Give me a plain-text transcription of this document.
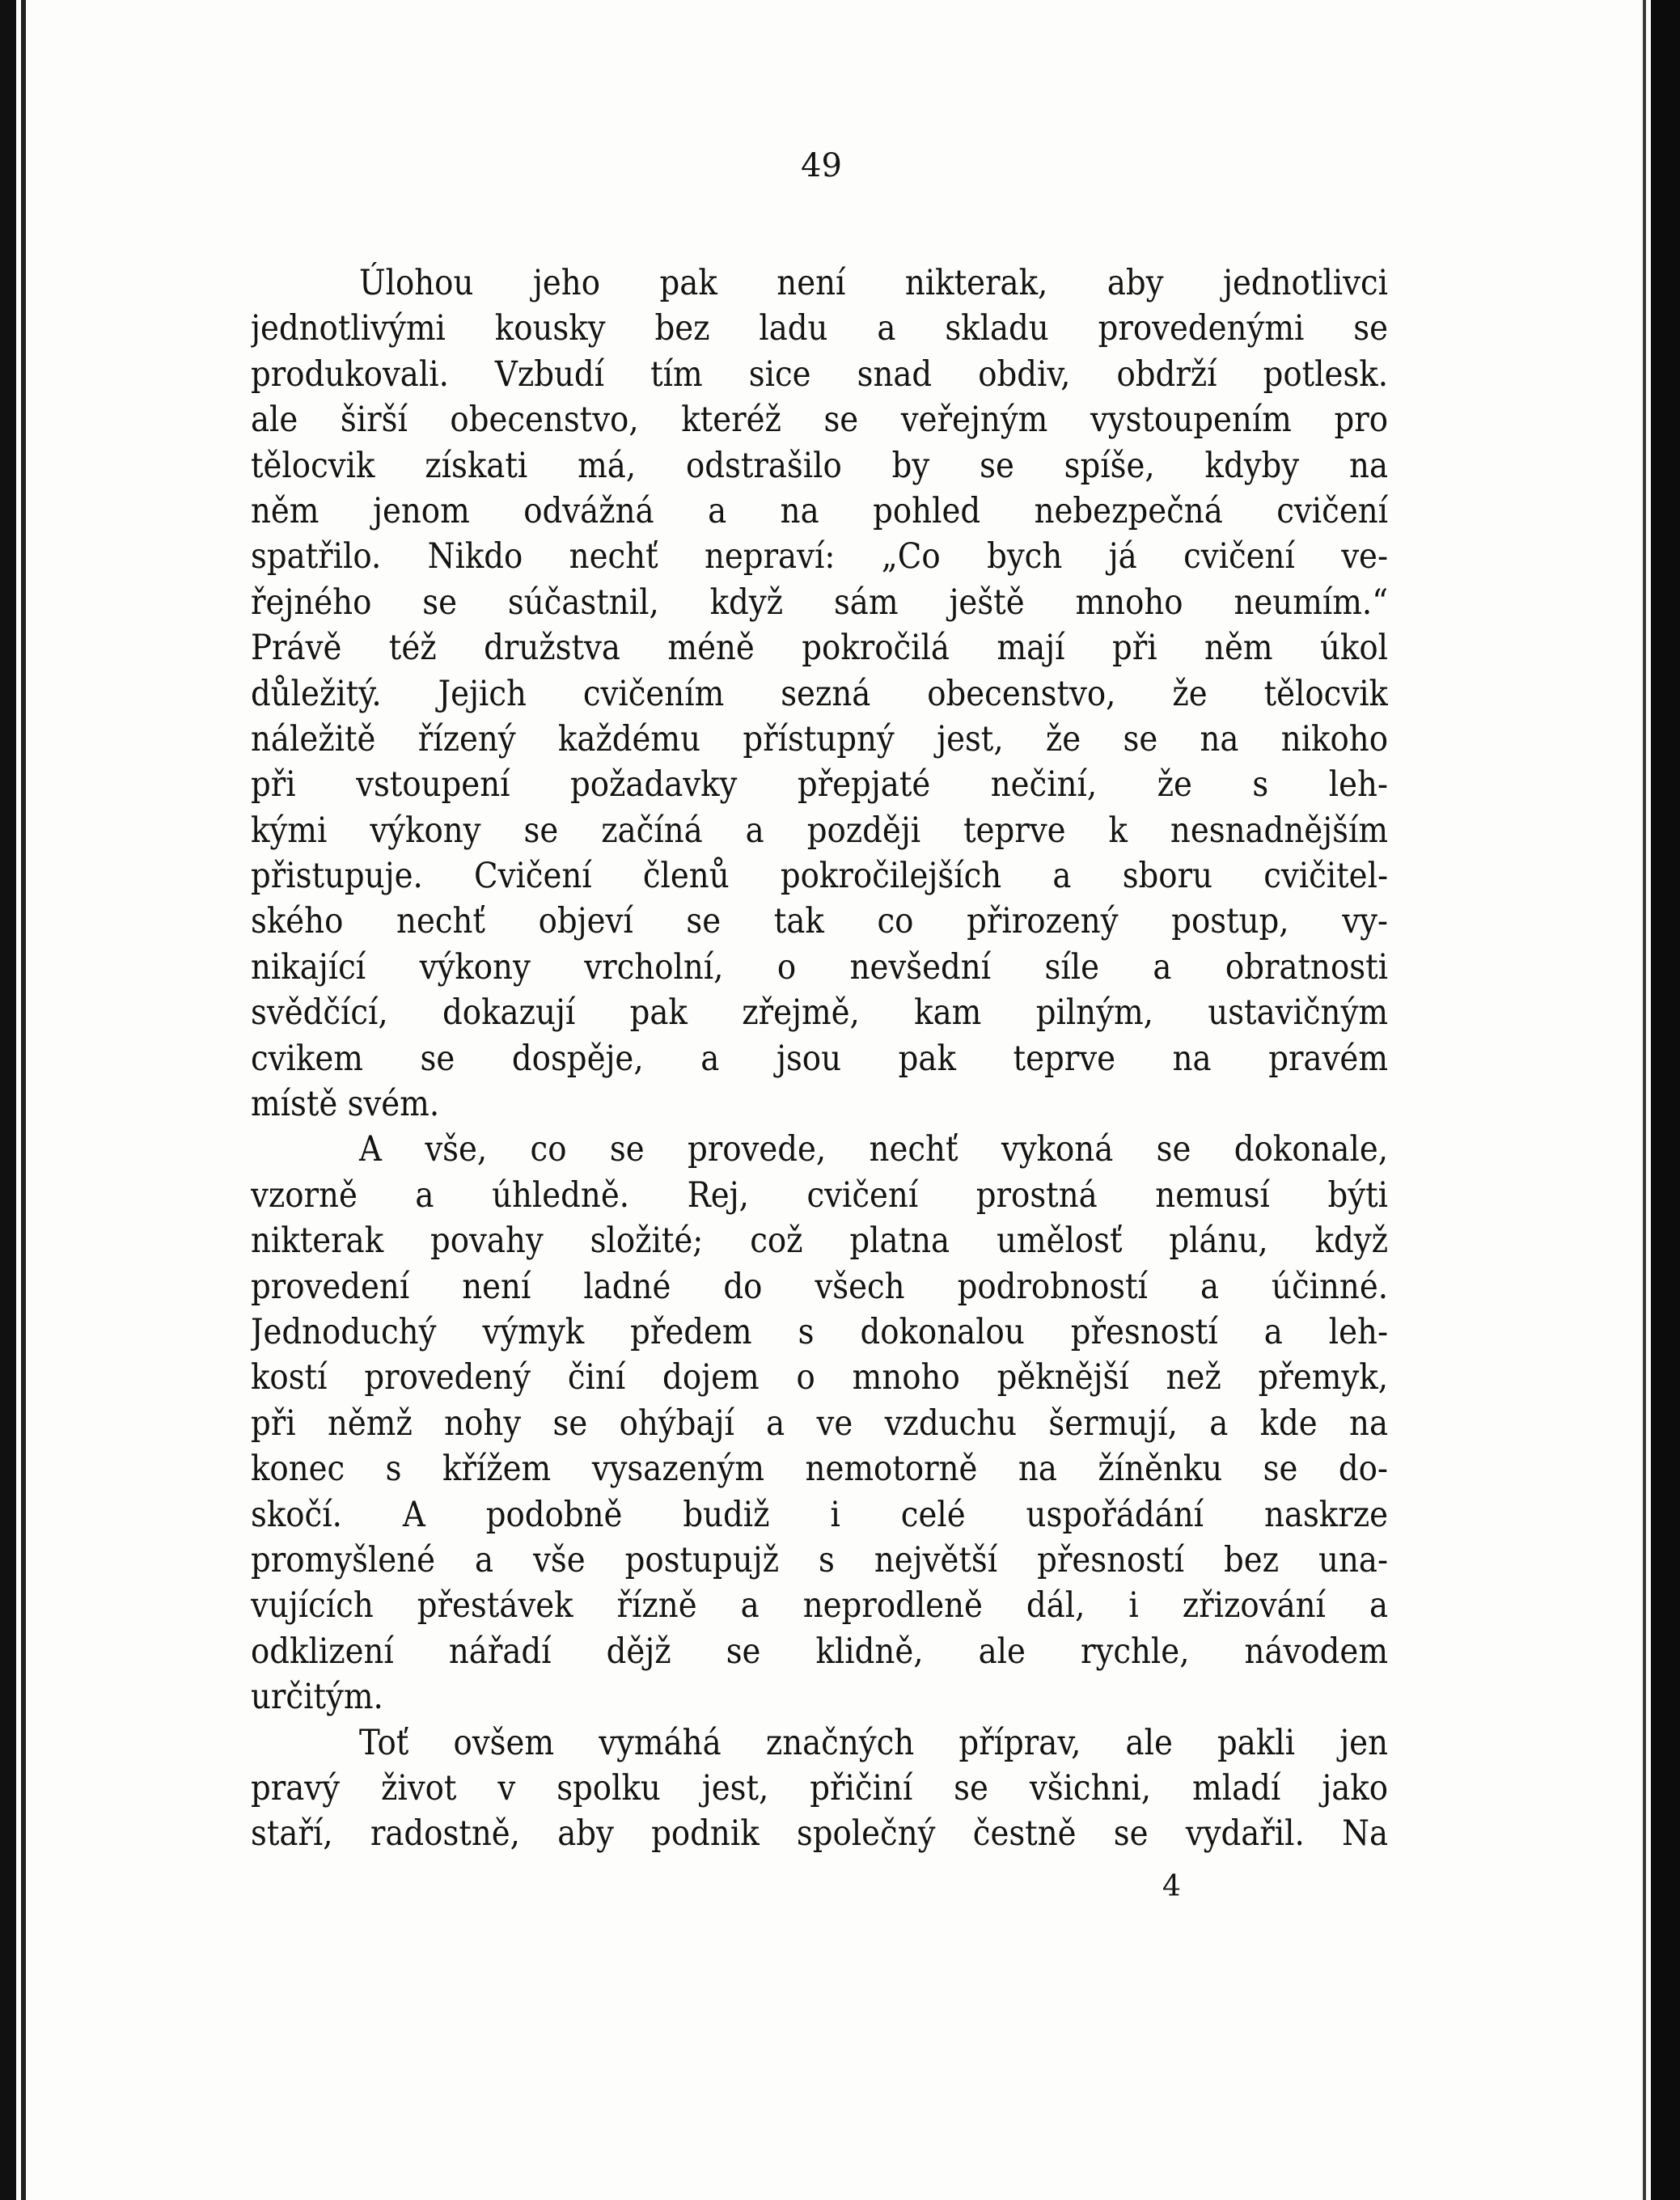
49
Úlohou jeho pak není nikterak, aby jednotlivci
jednotlivými kousky bez ladu a skladu provedenými se
produkovali. Vzbudí tím sice snad obdiv, obdrží potlesk.
ale širší obecenstvo, kteréž se veřejným vystoupením pro
tělocvik získati má, odstrašilo by se spíše, kdyby na
něm jenom odvážná a na pohled nebezpečná cvičení
spatřilo. Nikdo nechť nepraví: „Co bych já cvičení ve-
řejného se súčastnil, když sám ještě mnoho neumím.“
Právě též družstva méně pokročilá mají při něm úkol
důležitý. Jejich cvičením sezná obecenstvo, že tělocvik
náležitě řízený každému přístupný jest, že se na nikoho
při vstoupení požadavky přepjaté nečiní, že s leh-
kými výkony se začíná a později teprve k nesnadnějším
přistupuje. Cvičení členů pokročilejších a sboru cvičitel-
ského nechť objeví se tak co přirozený postup, vy-
nikající výkony vrcholní, o nevšední síle a obratnosti
svědčící, dokazují pak zřejmě, kam pilným, ustavičným
cvikem se dospěje, a jsou pak teprve na pravém
místě svém.
A vše, co se provede, nechť vykoná se dokonale,
vzorně a úhledně. Rej, cvičení prostná nemusí býti
nikterak povahy složité; což platna umělosť plánu, když
provedení není ladné do všech podrobností a účinné.
Jednoduchý výmyk předem s dokonalou přesností a leh-
kostí provedený činí dojem o mnoho pěknější než přemyk,
při němž nohy se ohýbají a ve vzduchu šermují, a kde na
konec s křížem vysazeným nemotorně na žíněnku se do-
skočí. A podobně budiž i celé uspořádání naskrze
promyšlené a vše postupujž s největší přesností bez una-
vujících přestávek řízně a neprodleně dál, i zřizování a
odklizení nářadí dějž se klidně, ale rychle, návodem
určitým.
Toť ovšem vymáhá značných příprav, ale pakli jen
pravý život v spolku jest, přičiní se všichni, mladí jako
staří, radostně, aby podnik společný čestně se vydařil. Na
4
